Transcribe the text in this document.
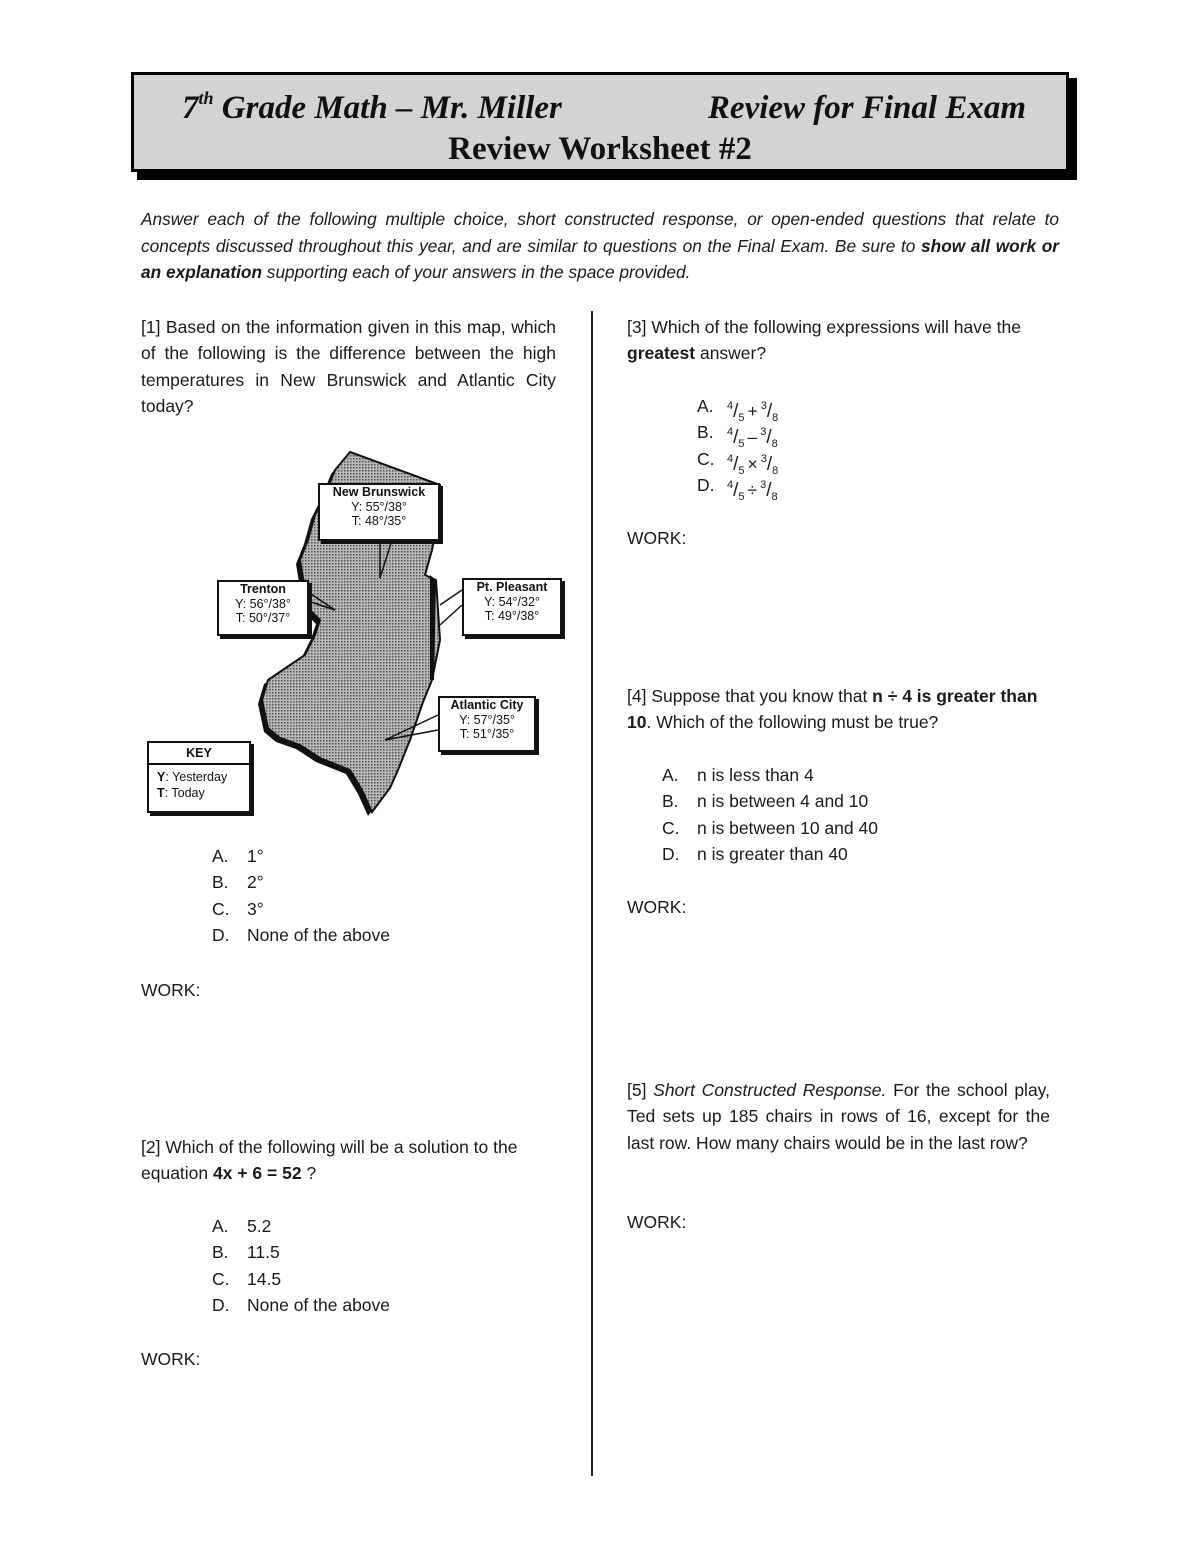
7th Grade Math – Mr. Miller	Review for Final Exam
Review Worksheet #2
Answer each of the following multiple choice, short constructed response, or open-ended questions that relate to concepts discussed throughout this year, and are similar to questions on the Final Exam. Be sure to show all work or an explanation supporting each of your answers in the space provided.
[1] Based on the information given in this map, which of the following is the difference between the high temperatures in New Brunswick and Atlantic City today?
New Brunswick
Y: 55°/38°
T: 48°/35°
Trenton
Y: 56°/38°
T: 50°/37°
Pt. Pleasant
Y: 54°/32°
T: 49°/38°
Atlantic City
Y: 57°/35°
T: 51°/35°
KEY
Y: Yesterday
T: Today
A.	1°
B.	2°
C.	3°
D.	None of the above
WORK:
[2] Which of the following will be a solution to the equation 4x + 6 = 52 ?
A.	5.2
B.	11.5
C.	14.5
D.	None of the above
WORK:
[3] Which of the following expressions will have the greatest answer?
A.	$^4/_5 + ^3/_8$
B.	$^4/_5 - ^3/_8$
C.	$^4/_5 \times ^3/_8$
D.	$^4/_5 \div ^3/_8$
WORK:
[4] Suppose that you know that n ÷ 4 is greater than 10. Which of the following must be true?
A.	n is less than 4
B.	n is between 4 and 10
C.	n is between 10 and 40
D.	n is greater than 40
WORK:
[5] Short Constructed Response. For the school play, Ted sets up 185 chairs in rows of 16, except for the last row. How many chairs would be in the last row?
WORK:
